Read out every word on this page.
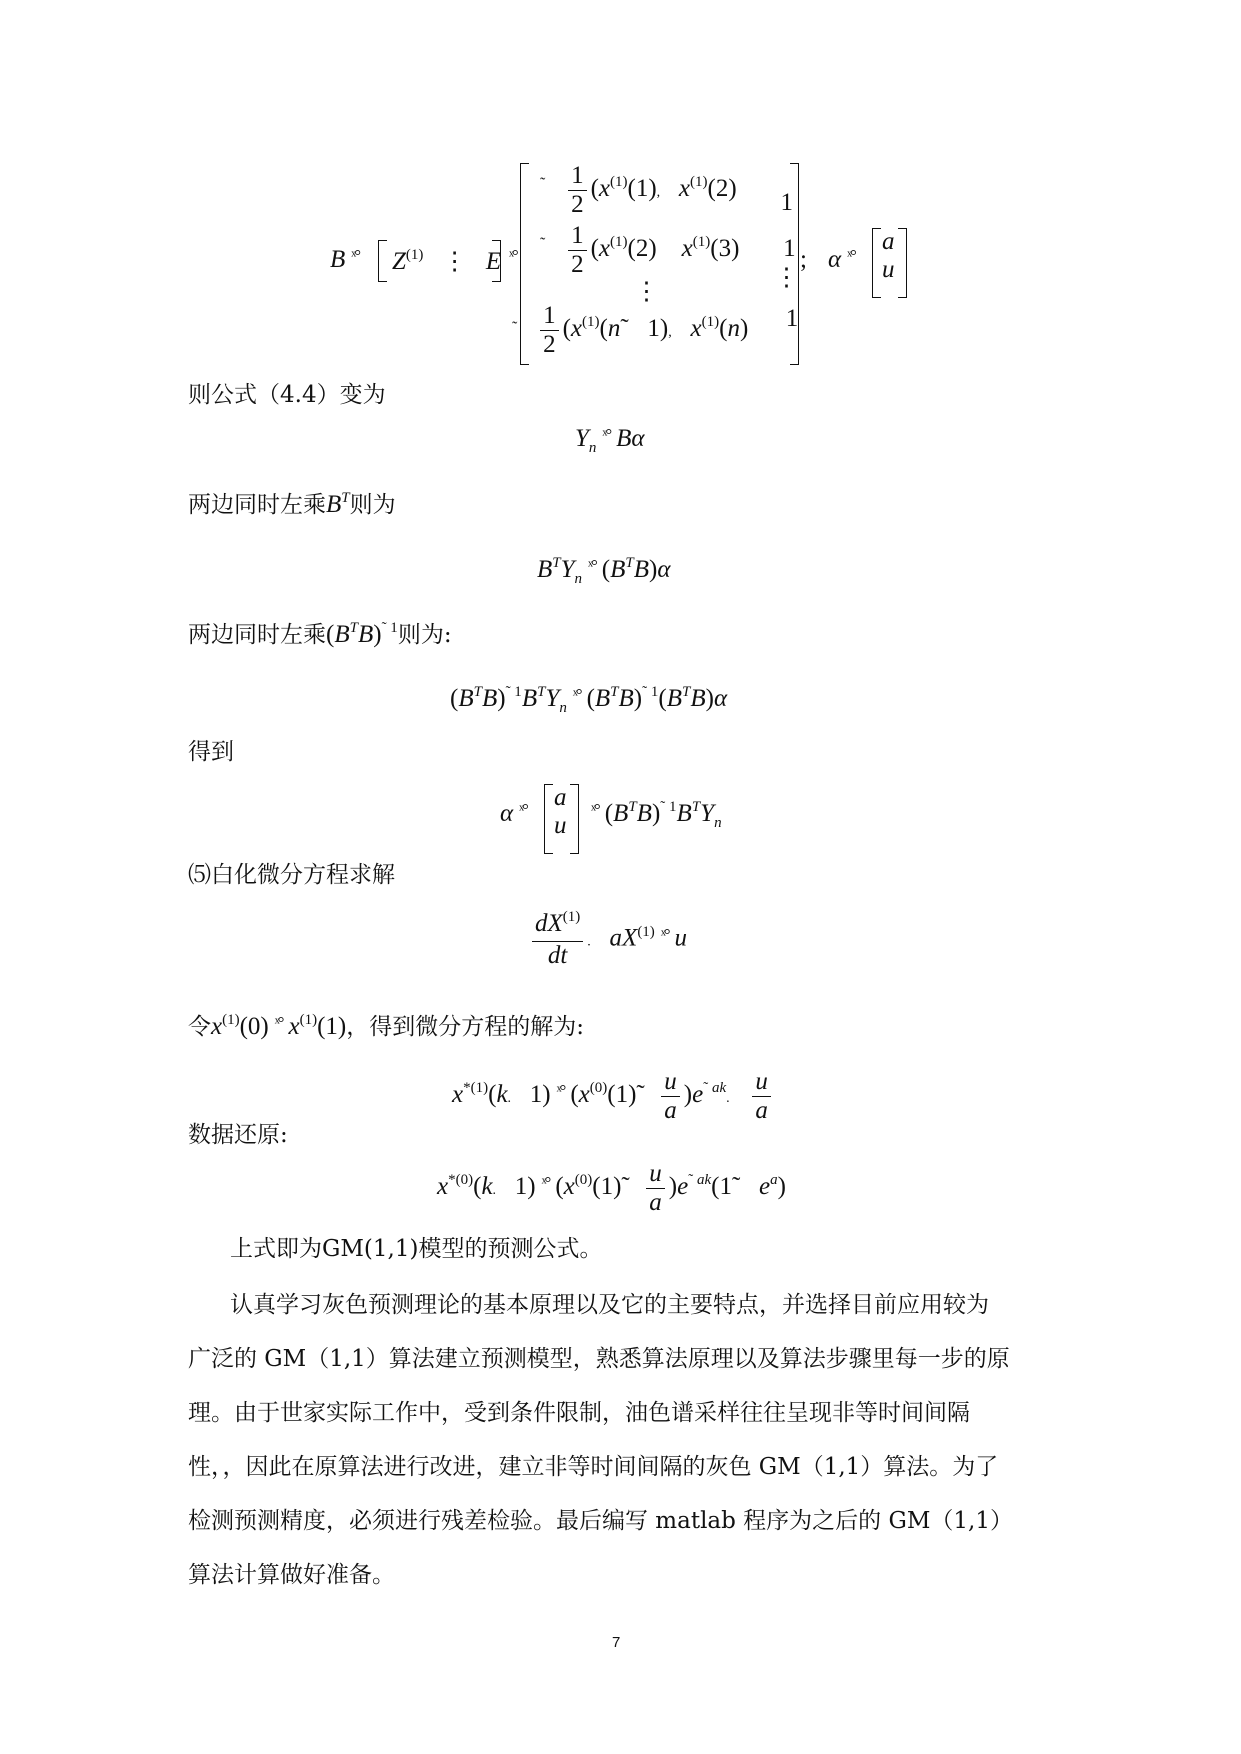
B $^{ˣ^\circ}$ $Z^{(1)}$   ⋮   E $^{ˣ^\circ}$
$^˜ \frac{1}{2} (x^{(1)}(1)$, $x^{(1)}(2)$       1
$^˜ \frac{1}{2} (x^{(1)}(2)$    $x^{(1)}(3)$       1
⋮
⋮
˜ $\frac{1}{2}$ ($x^{(1)}(n˜$   1), $x^{(1)}(n)$      1
; α $^{ˣ^\circ}$
a
u
则公式（4.4）变为
$Y_n^{ˣ^\circ}$ Bα
两边同时左乘$B^T$则为
$B^TY_n^{ˣ^\circ}$ $(B^TB)\alpha$
两边同时左乘$(B^TB)^{˜ 1}$则为:
$(B^TB)^{˜ 1}B^TY_n^{ˣ^\circ}$ $(B^TB)^{˜ 1}(B^TB)\alpha$
得到
α $^{ˣ^\circ}$ a
u
$^{ˣ^\circ}$ $(B^TB)^{˜ 1}B^TY_n$
⑸白化微分方程求解
$\frac{dX^{(1)}}{dt}$ . $aX^{(1)}$ $^{ˣ^\circ}$ u
令$x^{(1)}(0)$ $^{ˣ^\circ}$ $x^{(1)}(1)$，得到微分方程的解为:
$x^{*(1)}(k$.   1) $^{ˣ^\circ}$ $(x^{(0)}(1)˜ \frac{u}{a} )e^{˜ ak}$. $\frac{u}{a}$
数据还原:
$x^{*(0)}(k$.   1) $^{ˣ^\circ}$ ($x^{(0)}(1)˜ \frac{u}{a}$ )$e^{˜ ak}(1˜$   $e^a$)
上式即为GM(1,1)模型的预测公式。
认真学习灰色预测理论的基本原理以及它的主要特点，并选择目前应用较为
广泛的 GM（1,1）算法建立预测模型，熟悉算法原理以及算法步骤里每一步的原
理。由于世家实际工作中，受到条件限制，油色谱采样往往呈现非等时间间隔
性，，因此在原算法进行改进，建立非等时间间隔的灰色 GM（1,1）算法。为了
检测预测精度，必须进行残差检验。最后编写 matlab 程序为之后的 GM（1,1）
算法计算做好准备。
7
